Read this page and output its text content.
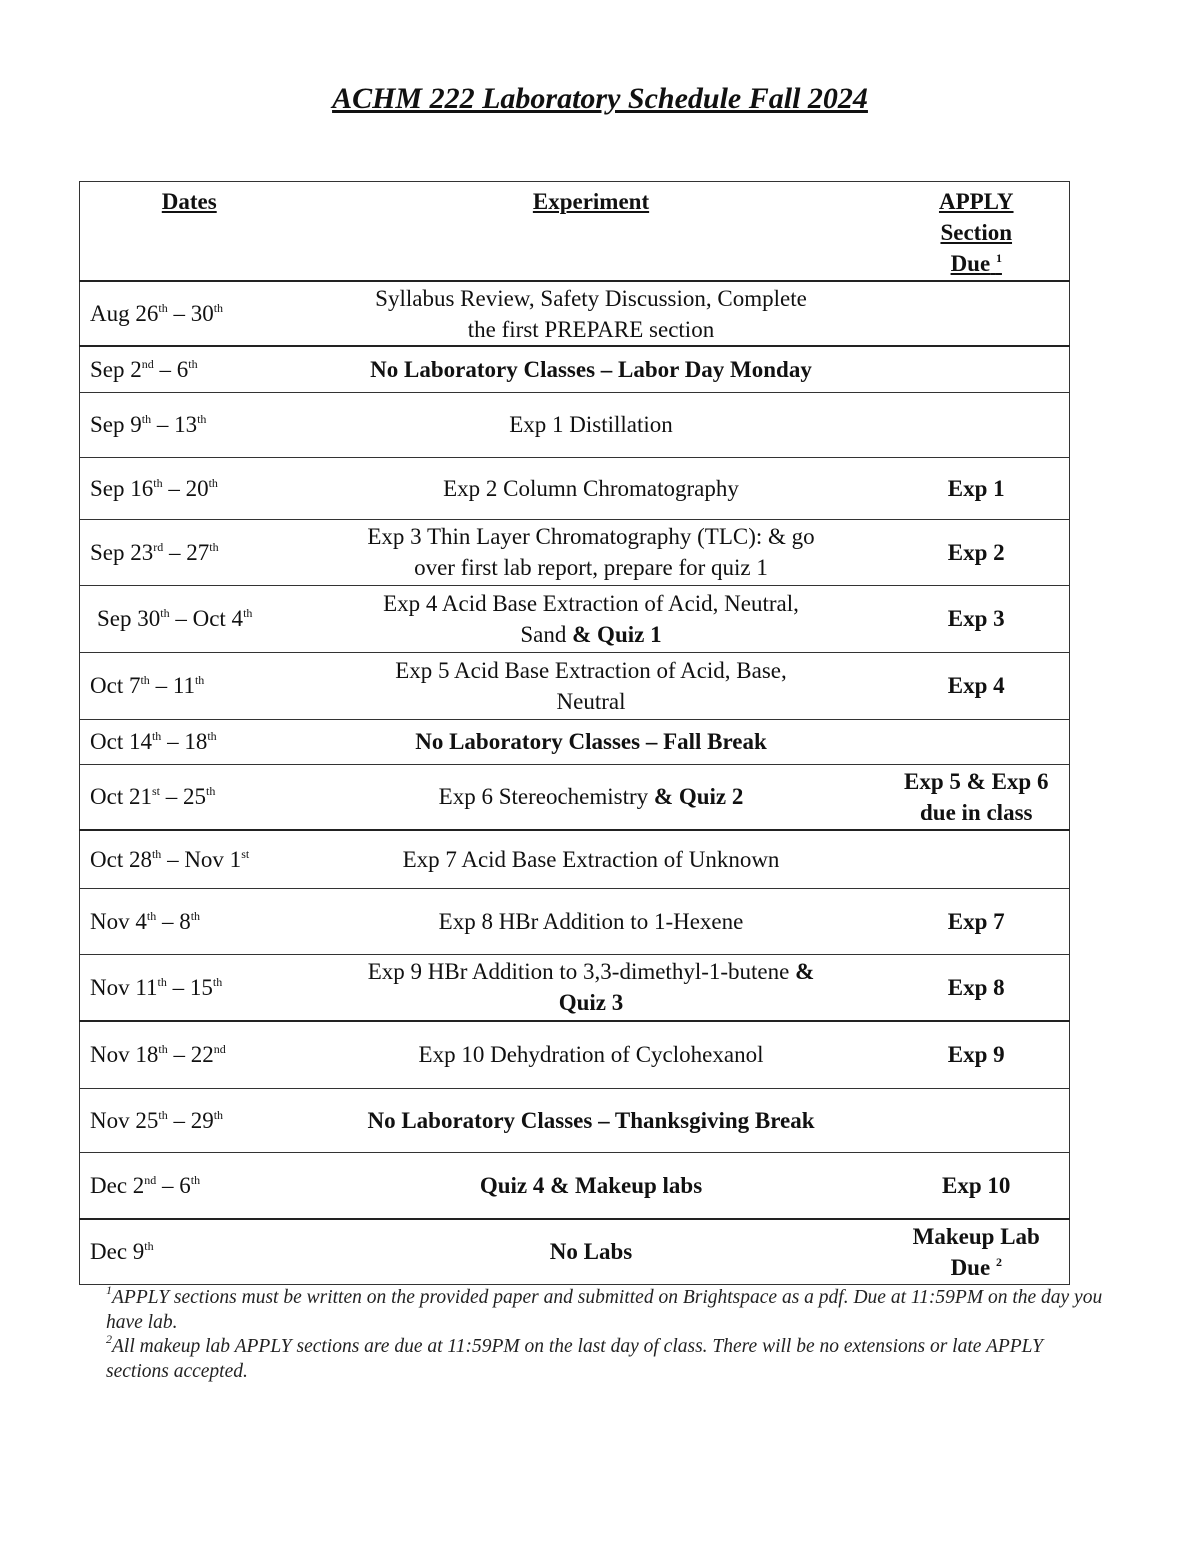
ACHM 222 Laboratory Schedule Fall 2024
Dates	Experiment	APPLY
Section
Due $^1$
Aug 26th – 30th	Syllabus Review, Safety Discussion, Complete
the first PREPARE section	
Sep 2nd – 6th	No Laboratory Classes – Labor Day Monday	
Sep 9th – 13th	Exp 1 Distillation	
Sep 16th – 20th	Exp 2 Column Chromatography	Exp 1
Sep 23rd – 27th	Exp 3 Thin Layer Chromatography (TLC): & go
over first lab report, prepare for quiz 1	Exp 2
Sep 30th – Oct 4th	Exp 4 Acid Base Extraction of Acid, Neutral,
Sand & Quiz 1	Exp 3
Oct 7th – 11th	Exp 5 Acid Base Extraction of Acid, Base,
Neutral	Exp 4
Oct 14th – 18th	No Laboratory Classes – Fall Break	
Oct 21st – 25th	Exp 6 Stereochemistry & Quiz 2	Exp 5 & Exp 6
due in class
Oct 28th – Nov 1st	Exp 7 Acid Base Extraction of Unknown	
Nov 4th – 8th	Exp 8 HBr Addition to 1-Hexene	Exp 7
Nov 11th – 15th	Exp 9 HBr Addition to 3,3-dimethyl-1-butene &
Quiz 3	Exp 8
Nov 18th – 22nd	Exp 10 Dehydration of Cyclohexanol	Exp 9
Nov 25th – 29th	No Laboratory Classes – Thanksgiving Break	
Dec 2nd – 6th	Quiz 4 & Makeup labs	Exp 10
Dec 9th	No Labs	Makeup Lab
Due $^2$

$^1$APPLY sections must be written on the provided paper and submitted on Brightspace as a pdf. Due at 11:59PM on the day you have lab.

$^2$All makeup lab APPLY sections are due at 11:59PM on the last day of class. There will be no extensions or late APPLY sections accepted.
